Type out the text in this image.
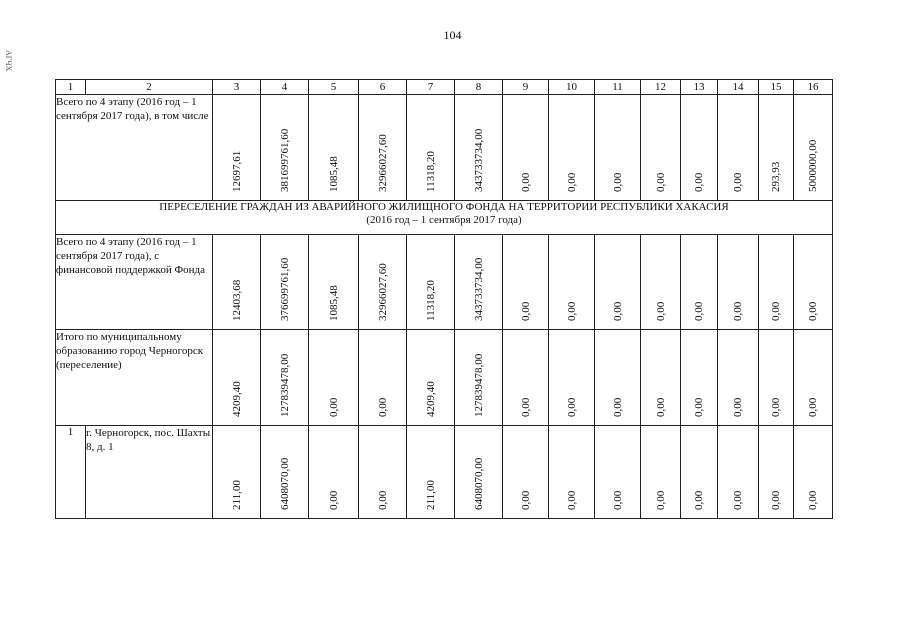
104
АГЧХ
1	2	3	4	5	6	7	8	9	10	11	12	13	14	15	16
Всего по 4 этапу (2016 год – 1 сентября 2017 года), в том числе		12697,61	381699761,60	1085,48	32966027,60	11318,20	343733734,00	0,00	0,00	0,00	0,00	0,00	0,00	293,93	5000000,00

ПЕРЕСЕЛЕНИЕ ГРАЖДАН ИЗ АВАРИЙНОГО ЖИЛИЩНОГО ФОНДА НА ТЕРРИТОРИИ РЕСПУБЛИКИ ХАКАСИЯ
(2016 год – 1 сентября 2017 года)															

Всего по 4 этапу (2016 год – 1 сентября 2017 года), с финансовой поддержкой Фонда		12403,68	376699761,60	1085,48	32966027,60	11318,20	343733734,00	0,00	0,00	0,00	0,00	0,00	0,00	0,00	0,00

Итого по муниципальному образованию город Черногорск (переселение)		4209,40	127839478,00	0,00	0,00	4209,40	127839478,00	0,00	0,00	0,00	0,00	0,00	0,00	0,00	0,00

1	г. Черногорск, пос. Шахты 8, д. 1	211,00	6408070,00	0,00	0,00	211,00	6408070,00	0,00	0,00	0,00	0,00	0,00	0,00	0,00	0,00
